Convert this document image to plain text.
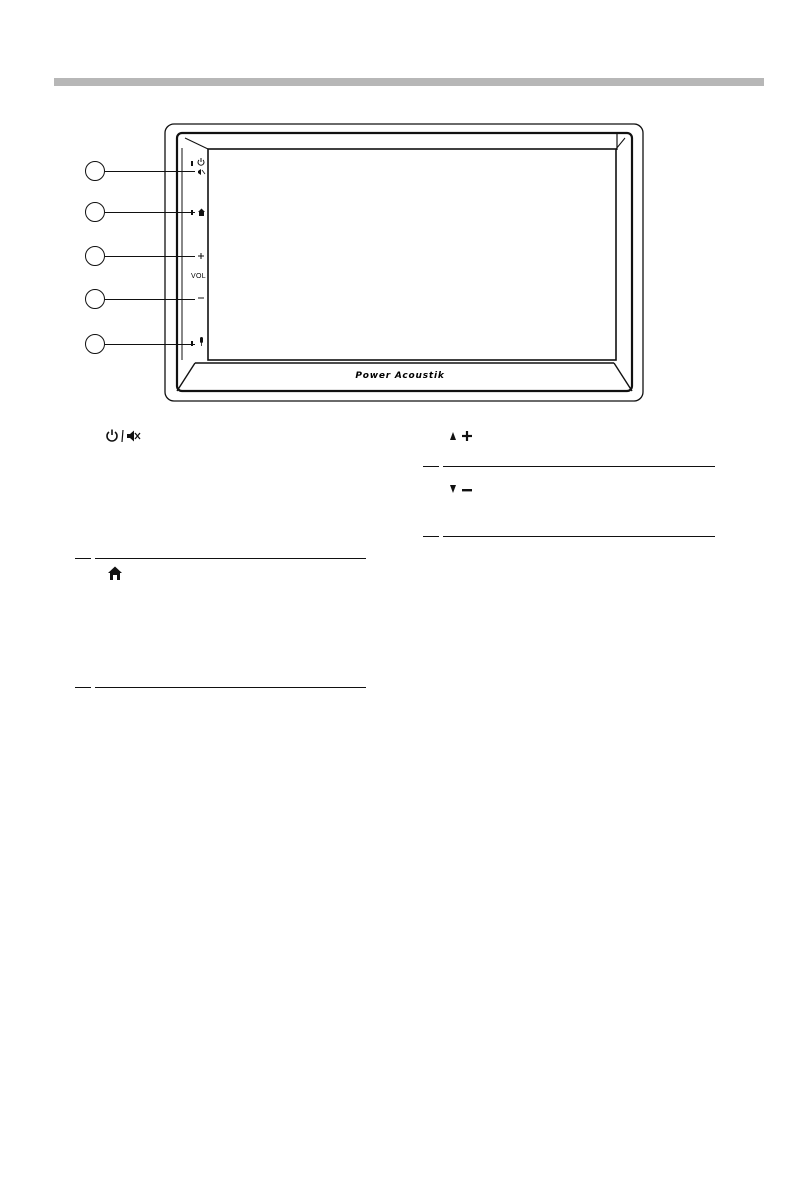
VOL
Power Acoustik
